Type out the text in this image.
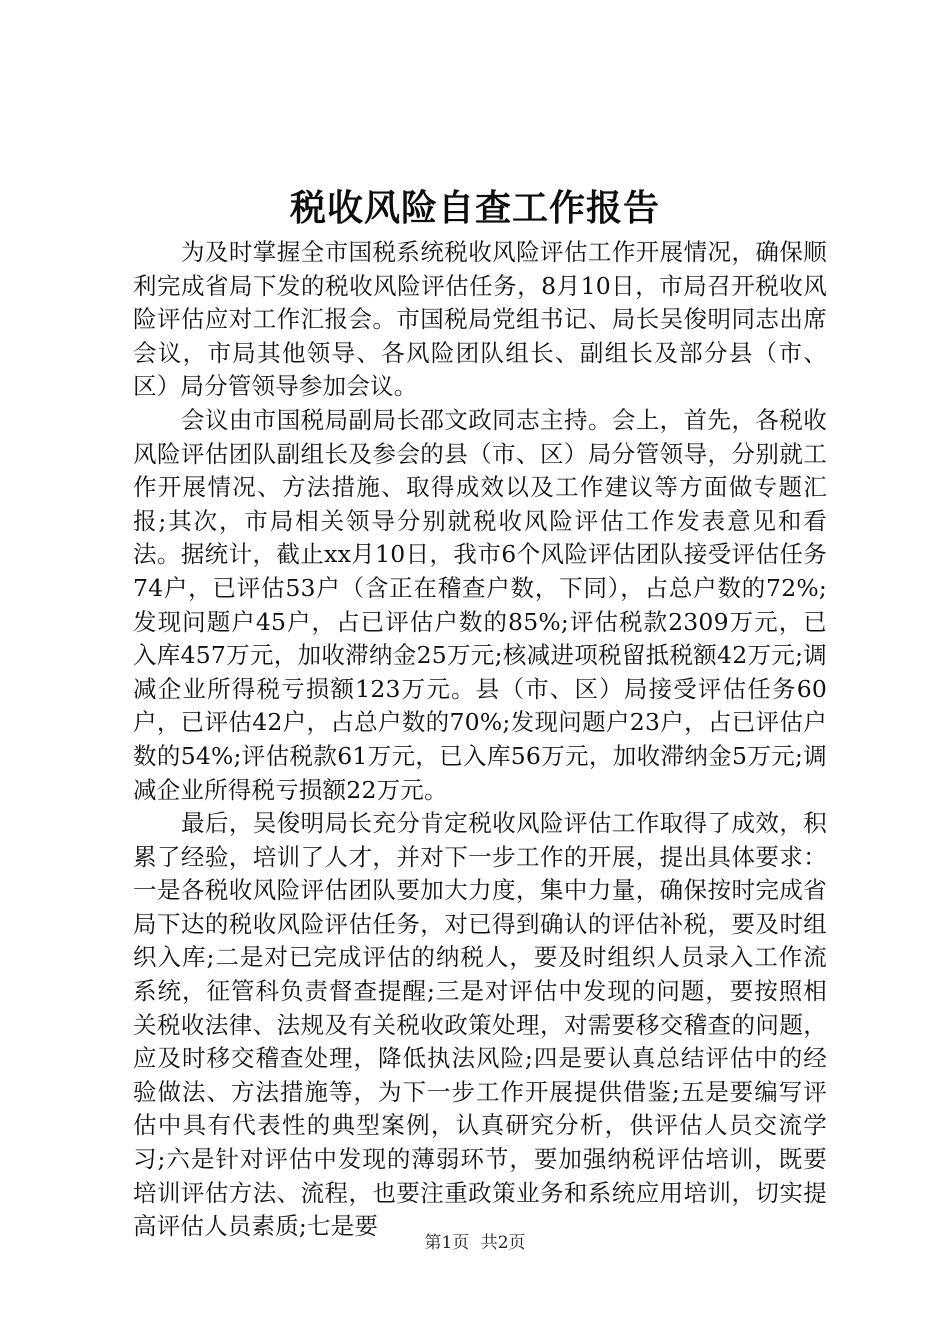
税收风险自查工作报告

为及时掌握全市国税系统税收风险评估工作开展情况，确保顺利完成省局下发的税收风险评估任务，8月10日，市局召开税收风险评估应对工作汇报会。市国税局党组书记、局长吴俊明同志出席会议，市局其他领导、各风险团队组长、副组长及部分县（市、区）局分管领导参加会议。

会议由市国税局副局长邵文政同志主持。会上，首先，各税收风险评估团队副组长及参会的县（市、区）局分管领导，分别就工作开展情况、方法措施、取得成效以及工作建议等方面做专题汇报;其次，市局相关领导分别就税收风险评估工作发表意见和看法。据统计，截止xx月10日，我市6个风险评估团队接受评估任务74户，已评估53户（含正在稽查户数，下同），占总户数的72%;发现问题户45户，占已评估户数的85%;评估税款2309万元，已入库457万元，加收滞纳金25万元;核减进项税留抵税额42万元;调减企业所得税亏损额123万元。县（市、区）局接受评估任务60户，已评估42户，占总户数的70%;发现问题户23户，占已评估户数的54%;评估税款61万元，已入库56万元，加收滞纳金5万元;调减企业所得税亏损额22万元。

最后，吴俊明局长充分肯定税收风险评估工作取得了成效，积累了经验，培训了人才，并对下一步工作的开展，提出具体要求：一是各税收风险评估团队要加大力度，集中力量，确保按时完成省局下达的税收风险评估任务，对已得到确认的评估补税，要及时组织入库;二是对已完成评估的纳税人，要及时组织人员录入工作流系统，征管科负责督查提醒;三是对评估中发现的问题，要按照相关税收法律、法规及有关税收政策处理，对需要移交稽查的问题，应及时移交稽查处理，降低执法风险;四是要认真总结评估中的经验做法、方法措施等，为下一步工作开展提供借鉴;五是要编写评估中具有代表性的典型案例，认真研究分析，供评估人员交流学习;六是针对评估中发现的薄弱环节，要加强纳税评估培训，既要培训评估方法、流程，也要注重政策业务和系统应用培训，切实提高评估人员素质;七是要

第1页 共2页
